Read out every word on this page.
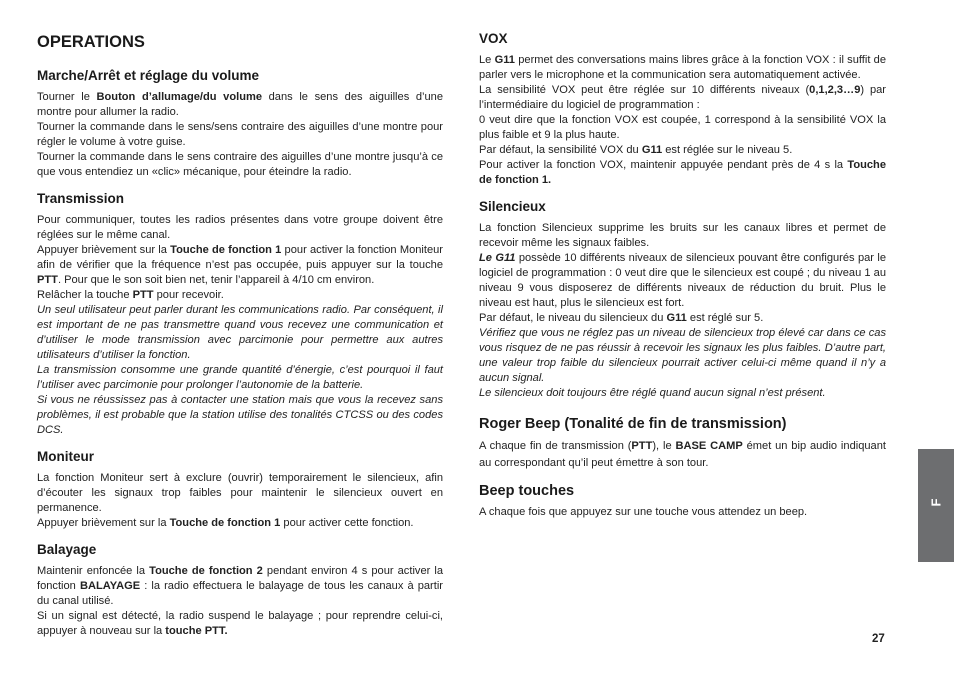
OPERATIONS
Marche/Arrêt et réglage du volume

Tourner le Bouton d’allumage/du volume dans le sens des aiguilles d’une montre pour allumer la radio.

Tourner la commande dans le sens/sens contraire des aiguilles d’une montre pour régler le volume à votre guise.

Tourner la commande dans le sens contraire des aiguilles d’une montre jusqu’à ce que vous entendiez un «clic» mécanique, pour éteindre la radio.

Transmission

Pour communiquer, toutes les radios présentes dans votre groupe doivent être réglées sur le même canal.

Appuyer brièvement sur la Touche de fonction 1 pour activer la fonction Moniteur afin de vérifier que la fréquence n’est pas occupée, puis appuyer sur la touche PTT. Pour que le son soit bien net, tenir l’appareil à 4/10 cm environ.

Relâcher la touche PTT pour recevoir.

Un seul utilisateur peut parler durant les communications radio. Par conséquent, il est important de ne pas transmettre quand vous recevez une communication et d’utiliser le mode transmission avec parcimonie pour permettre aux autres utilisateurs d’utiliser la fonction.

La transmission consomme une grande quantité d’énergie, c’est pourquoi il faut l’utiliser avec parcimonie pour prolonger l’autonomie de la batterie.

Si vous ne réussissez pas à contacter une station mais que vous la recevez sans problèmes, il est probable que la station utilise des tonalités CTCSS ou des codes DCS.

Moniteur

La fonction Moniteur sert à exclure (ouvrir) temporairement le silencieux, afin d’écouter les signaux trop faibles pour maintenir le silencieux ouvert en permanence.

Appuyer brièvement sur la Touche de fonction 1 pour activer cette fonction.

Balayage

Maintenir enfoncée la Touche de fonction 2 pendant environ 4 s pour activer la fonction BALAYAGE : la radio effectuera le balayage de tous les canaux à partir du canal utilisé.

Si un signal est détecté, la radio suspend le balayage ; pour reprendre celui-ci, appuyer à nouveau sur la touche PTT.

VOX

Le G11 permet des conversations mains libres grâce à la fonction VOX : il suffit de parler vers le microphone et la communication sera automatiquement activée.

La sensibilité VOX peut être réglée sur 10 différents niveaux (0,1,2,3…9) par l’intermédiaire du logiciel de programmation :

0 veut dire que la fonction VOX est coupée, 1 correspond à la sensibilité VOX la plus faible et 9 la plus haute.

Par défaut, la sensibilité VOX du G11 est réglée sur le niveau 5.

Pour activer la fonction VOX, maintenir appuyée pendant près de 4 s la Touche de fonction 1.

Silencieux

La fonction Silencieux supprime les bruits sur les canaux libres et permet de recevoir même les signaux faibles.

Le G11 possède 10 différents niveaux de silencieux pouvant être configurés par le logiciel de programmation : 0 veut dire que le silencieux est coupé ; du niveau 1 au niveau 9 vous disposerez de différents niveaux de réduction du bruit. Plus le niveau est haut, plus le silencieux est fort.

Par défaut, le niveau du silencieux du G11 est réglé sur 5.

Vérifiez que vous ne réglez pas un niveau de silencieux trop élevé car dans ce cas vous risquez de ne pas réussir à recevoir les signaux les plus faibles. D’autre part, une valeur trop faible du silencieux pourrait activer celui-ci même quand il n’y a aucun signal.

Le silencieux doit toujours être réglé quand aucun signal n’est présent.

Roger Beep (Tonalité de fin de transmission)

A chaque fin de transmission (PTT), le BASE CAMP émet un bip audio indiquant au correspondant qu’il peut émettre à son tour.

Beep touches

A chaque fois que appuyez sur une touche vous attendez un beep.

F
27
